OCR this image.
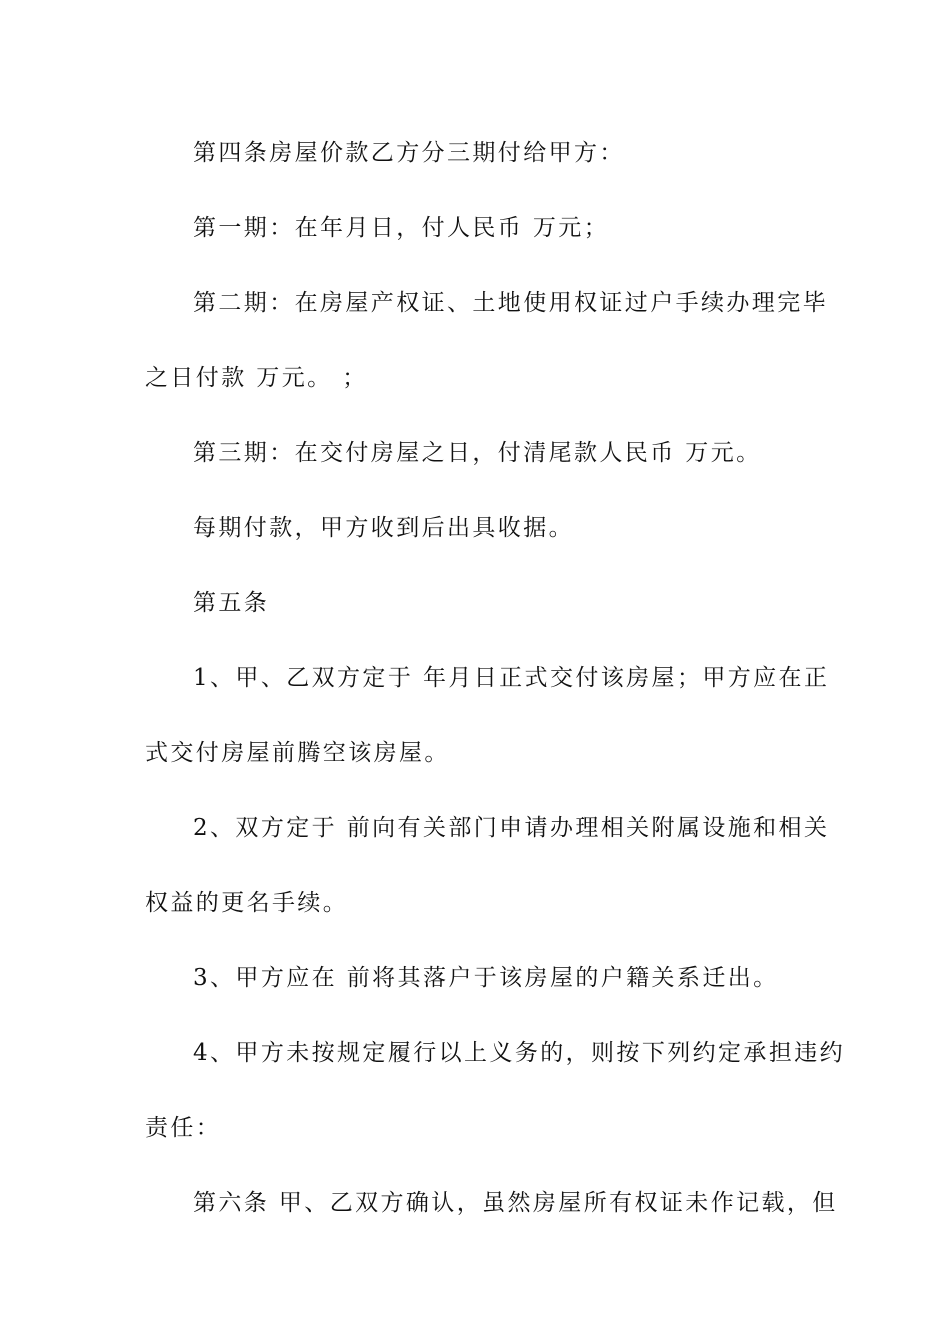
第四条房屋价款乙方分三期付给甲方：
第一期：在年月日，付人民币 万元；
第二期：在房屋产权证、土地使用权证过户手续办理完毕
之日付款 万元。 ；
第三期：在交付房屋之日，付清尾款人民币 万元。
每期付款，甲方收到后出具收据。
第五条
1、甲、乙双方定于 年月日正式交付该房屋；甲方应在正
式交付房屋前腾空该房屋。
2、双方定于 前向有关部门申请办理相关附属设施和相关
权益的更名手续。
3、甲方应在 前将其落户于该房屋的户籍关系迁出。
4、甲方未按规定履行以上义务的，则按下列约定承担违约
责任：
第六条 甲、乙双方确认，虽然房屋所有权证未作记载，但
